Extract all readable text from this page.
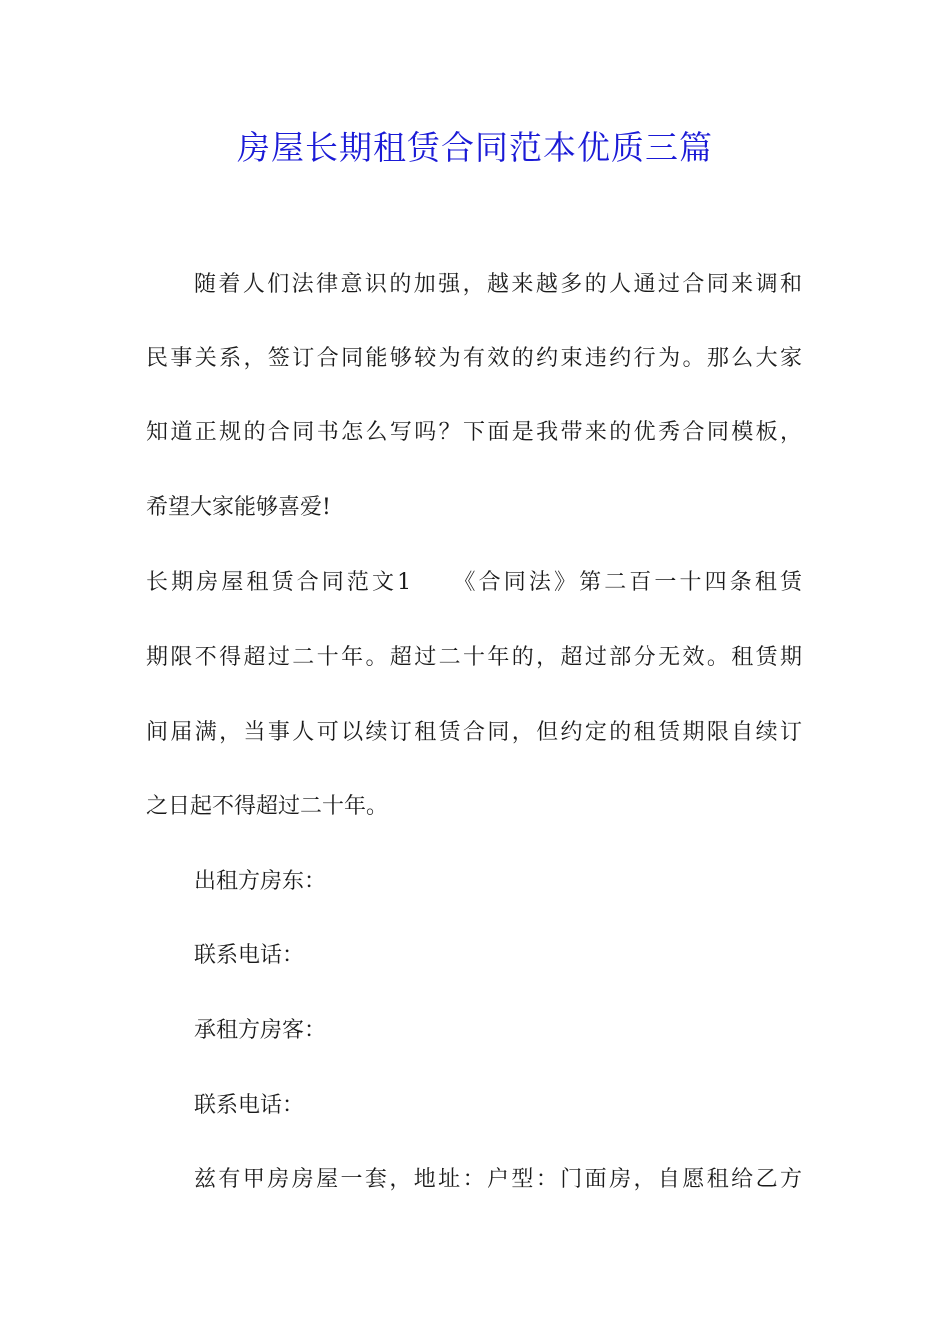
房屋长期租赁合同范本优质三篇
随着人们法律意识的加强，越来越多的人通过合同来调和
民事关系，签订合同能够较为有效的约束违约行为。那么大家
知道正规的合同书怎么写吗？下面是我带来的优秀合同模板，
希望大家能够喜爱!
长期房屋租赁合同范文1　　《合同法》第二百一十四条租赁
期限不得超过二十年。超过二十年的，超过部分无效。租赁期
间届满，当事人可以续订租赁合同，但约定的租赁期限自续订
之日起不得超过二十年。
出租方房东：
联系电话：
承租方房客：
联系电话：
兹有甲房房屋一套，地址：户型：门面房，自愿租给乙方
